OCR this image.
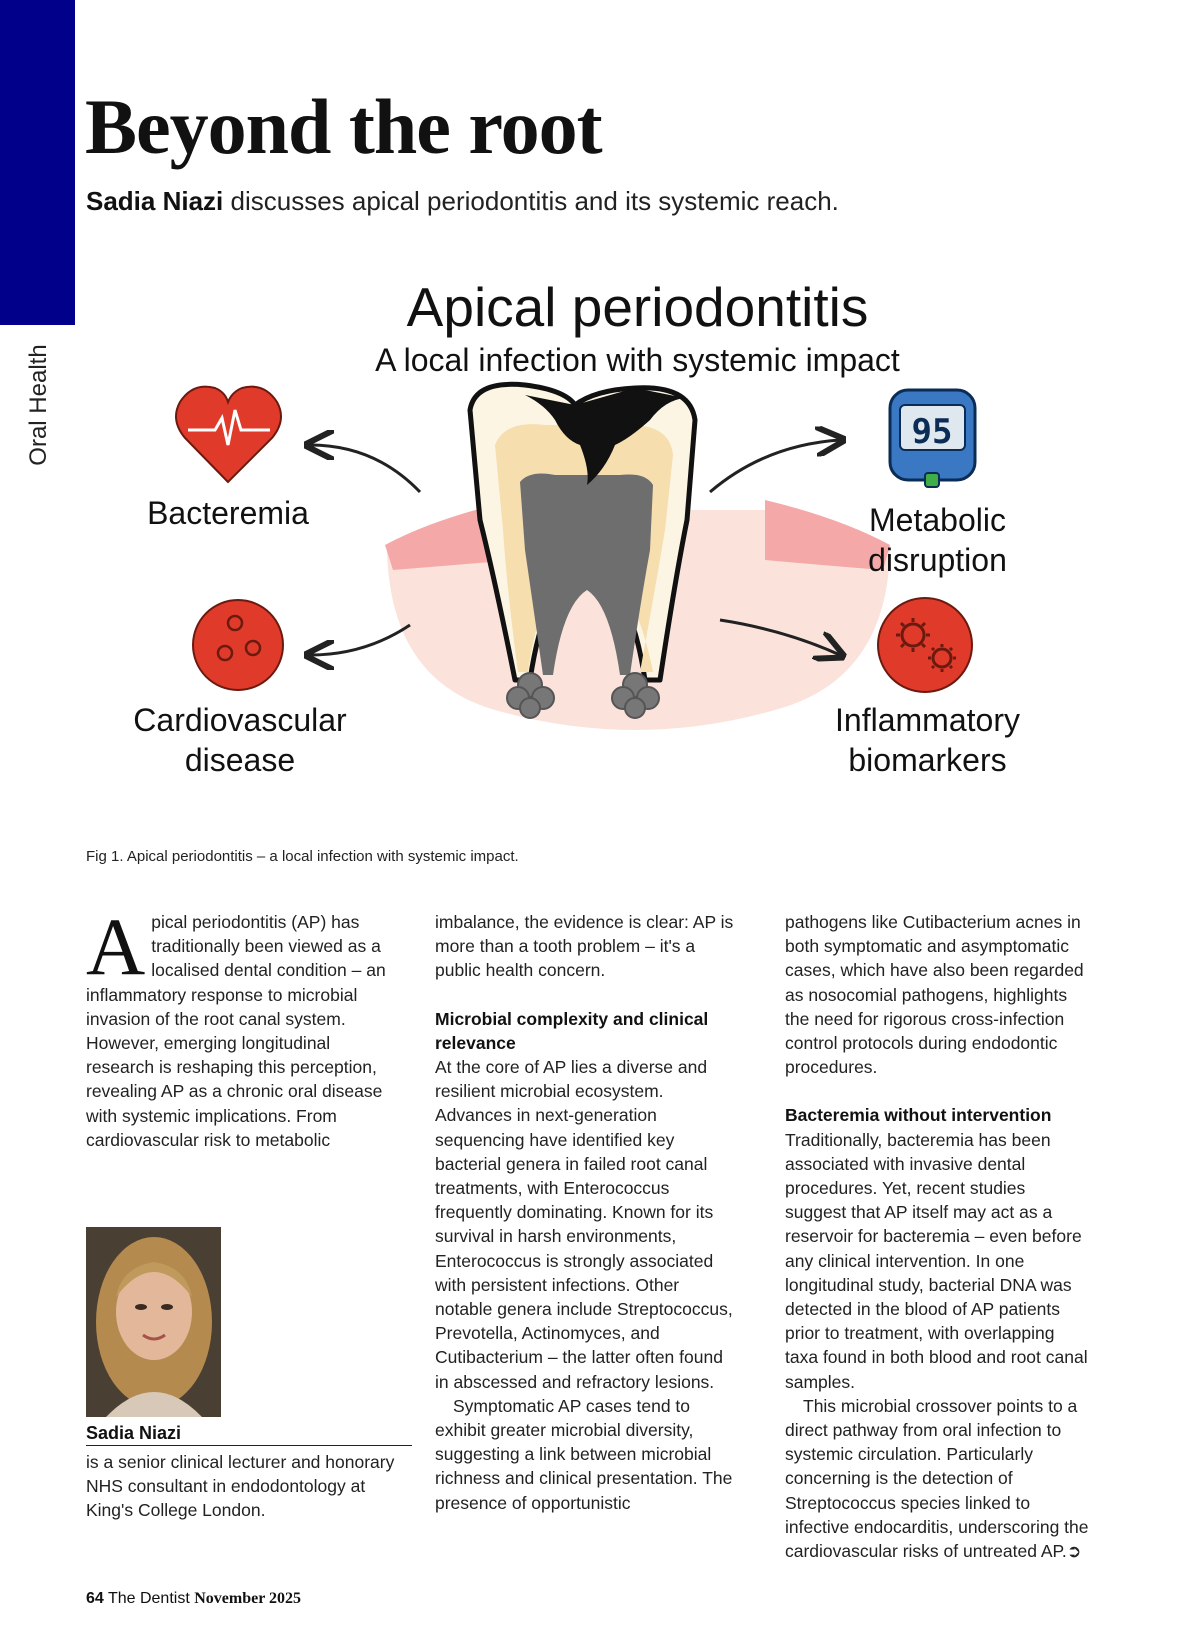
Oral Health
Beyond the root
Sadia Niazi discusses apical periodontitis and its systemic reach.
95
Apical periodontitis
A local infection with systemic impact
Bacteremia	Metabolic
disruption
Cardiovascular
disease
Inflammatory
biomarkers
Fig 1. Apical periodontitis – a local infection with systemic impact.

Apical periodontitis (AP) has traditionally been viewed as a localised dental condition – an inflammatory response to microbial invasion of the root canal system. However, emerging longitudinal research is reshaping this perception, revealing AP as a chronic oral disease with systemic implications. From cardiovascular risk to metabolic

imbalance, the evidence is clear: AP is more than a tooth problem – it's a public health concern.

Microbial complexity and clinical relevance

At the core of AP lies a diverse and resilient microbial ecosystem. Advances in next-generation sequencing have identified key bacterial genera in failed root canal treatments, with Enterococcus frequently dominating. Known for its survival in harsh environments, Enterococcus is strongly associated with persistent infections. Other notable genera include Streptococcus, Prevotella, Actinomyces, and Cutibacterium – the latter often found in abscessed and refractory lesions.

Symptomatic AP cases tend to exhibit greater microbial diversity, suggesting a link between microbial richness and clinical presentation. The presence of opportunistic

pathogens like Cutibacterium acnes in both symptomatic and asymptomatic cases, which have also been regarded as nosocomial pathogens, highlights the need for rigorous cross-infection control protocols during endodontic procedures.

Bacteremia without intervention

Traditionally, bacteremia has been associated with invasive dental procedures. Yet, recent studies suggest that AP itself may act as a reservoir for bacteremia – even before any clinical intervention. In one longitudinal study, bacterial DNA was detected in the blood of AP patients prior to treatment, with overlapping taxa found in both blood and root canal samples.

This microbial crossover points to a direct pathway from oral infection to systemic circulation. Particularly concerning is the detection of Streptococcus species linked to infective endocarditis, underscoring the cardiovascular risks of untreated AP.➲

Sadia Niazi
is a senior clinical lecturer and honorary NHS consultant in endodontology at King's College London.
64 The Dentist November 2025
